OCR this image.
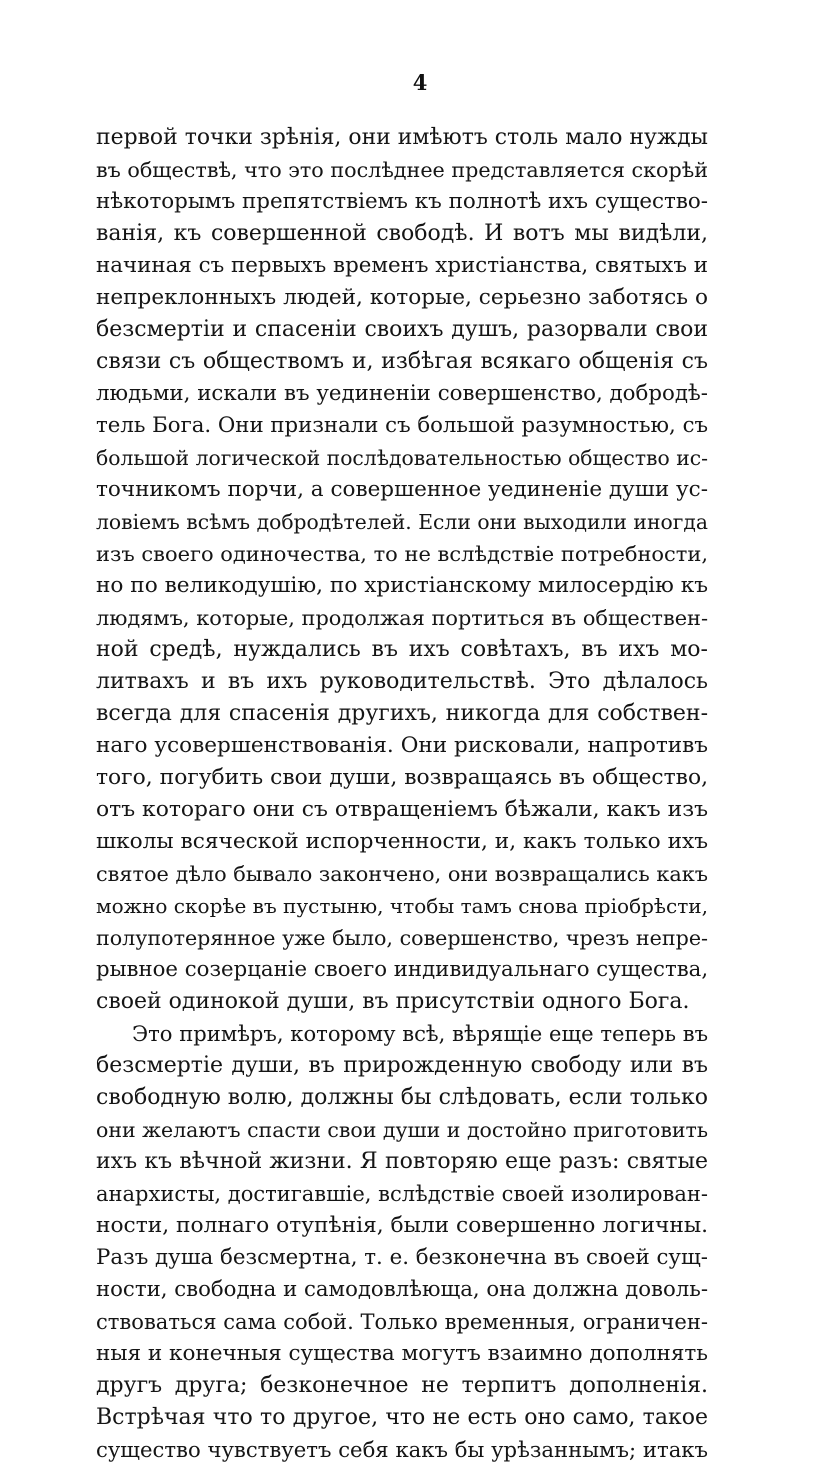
4
первой точки зрѣнія, они имѣютъ столь мало нужды
въ обществѣ, что это послѣднее представляется скорѣй
нѣкоторымъ препятствіемъ къ полнотѣ ихъ существо-
ванія, къ совершенной свободѣ. И вотъ мы видѣли,
начиная съ первыхъ временъ христіанства, святыхъ и
непреклонныхъ людей, которые, серьезно заботясь о
безсмертіи и спасеніи своихъ душъ, разорвали свои
связи съ обществомъ и, избѣгая всякаго общенія съ
людьми, искали въ уединеніи совершенство, добродѣ-
тель Бога. Они признали съ большой разумностью, съ
большой логической послѣдовательностью общество ис-
точникомъ порчи, а совершенное уединеніе души ус-
ловіемъ всѣмъ добродѣтелей. Если они выходили иногда
изъ своего одиночества, то не вслѣдствіе потребности,
но по великодушію, по христіанскому милосердію къ
людямъ, которые, продолжая портиться въ обществен-
ной средѣ, нуждались въ ихъ совѣтахъ, въ ихъ мо-
литвахъ и въ ихъ руководительствѣ. Это дѣлалось
всегда для спасенія другихъ, никогда для собствен-
наго усовершенствованія. Они рисковали, напротивъ
того, погубить свои души, возвращаясь въ общество,
отъ котораго они съ отвращеніемъ бѣжали, какъ изъ
школы всяческой испорченности, и, какъ только ихъ
святое дѣло бывало закончено, они возвращались какъ
можно скорѣе въ пустыню, чтобы тамъ снова пріобрѣсти,
полупотерянное уже было, совершенство, чрезъ непре-
рывное созерцаніе своего индивидуальнаго существа,
своей одинокой души, въ присутствіи одного Бога.
Это примѣръ, которому всѣ, вѣрящіе еще теперь въ
безсмертіе души, въ прирожденную свободу или въ
свободную волю, должны бы слѣдовать, если только
они желаютъ спасти свои души и достойно приготовить
ихъ къ вѣчной жизни. Я повторяю еще разъ: святые
анархисты, достигавшіе, вслѣдствіе своей изолирован-
ности, полнаго отупѣнія, были совершенно логичны.
Разъ душа безсмертна, т. е. безконечна въ своей сущ-
ности, свободна и самодовлѣюща, она должна доволь-
ствоваться сама собой. Только временныя, ограничен-
ныя и конечныя существа могутъ взаимно дополнять
другъ друга; безконечное не терпитъ дополненія.
Встрѣчая что то другое, что не есть оно само, такое
существо чувствуетъ себя какъ бы урѣзаннымъ; итакъ
